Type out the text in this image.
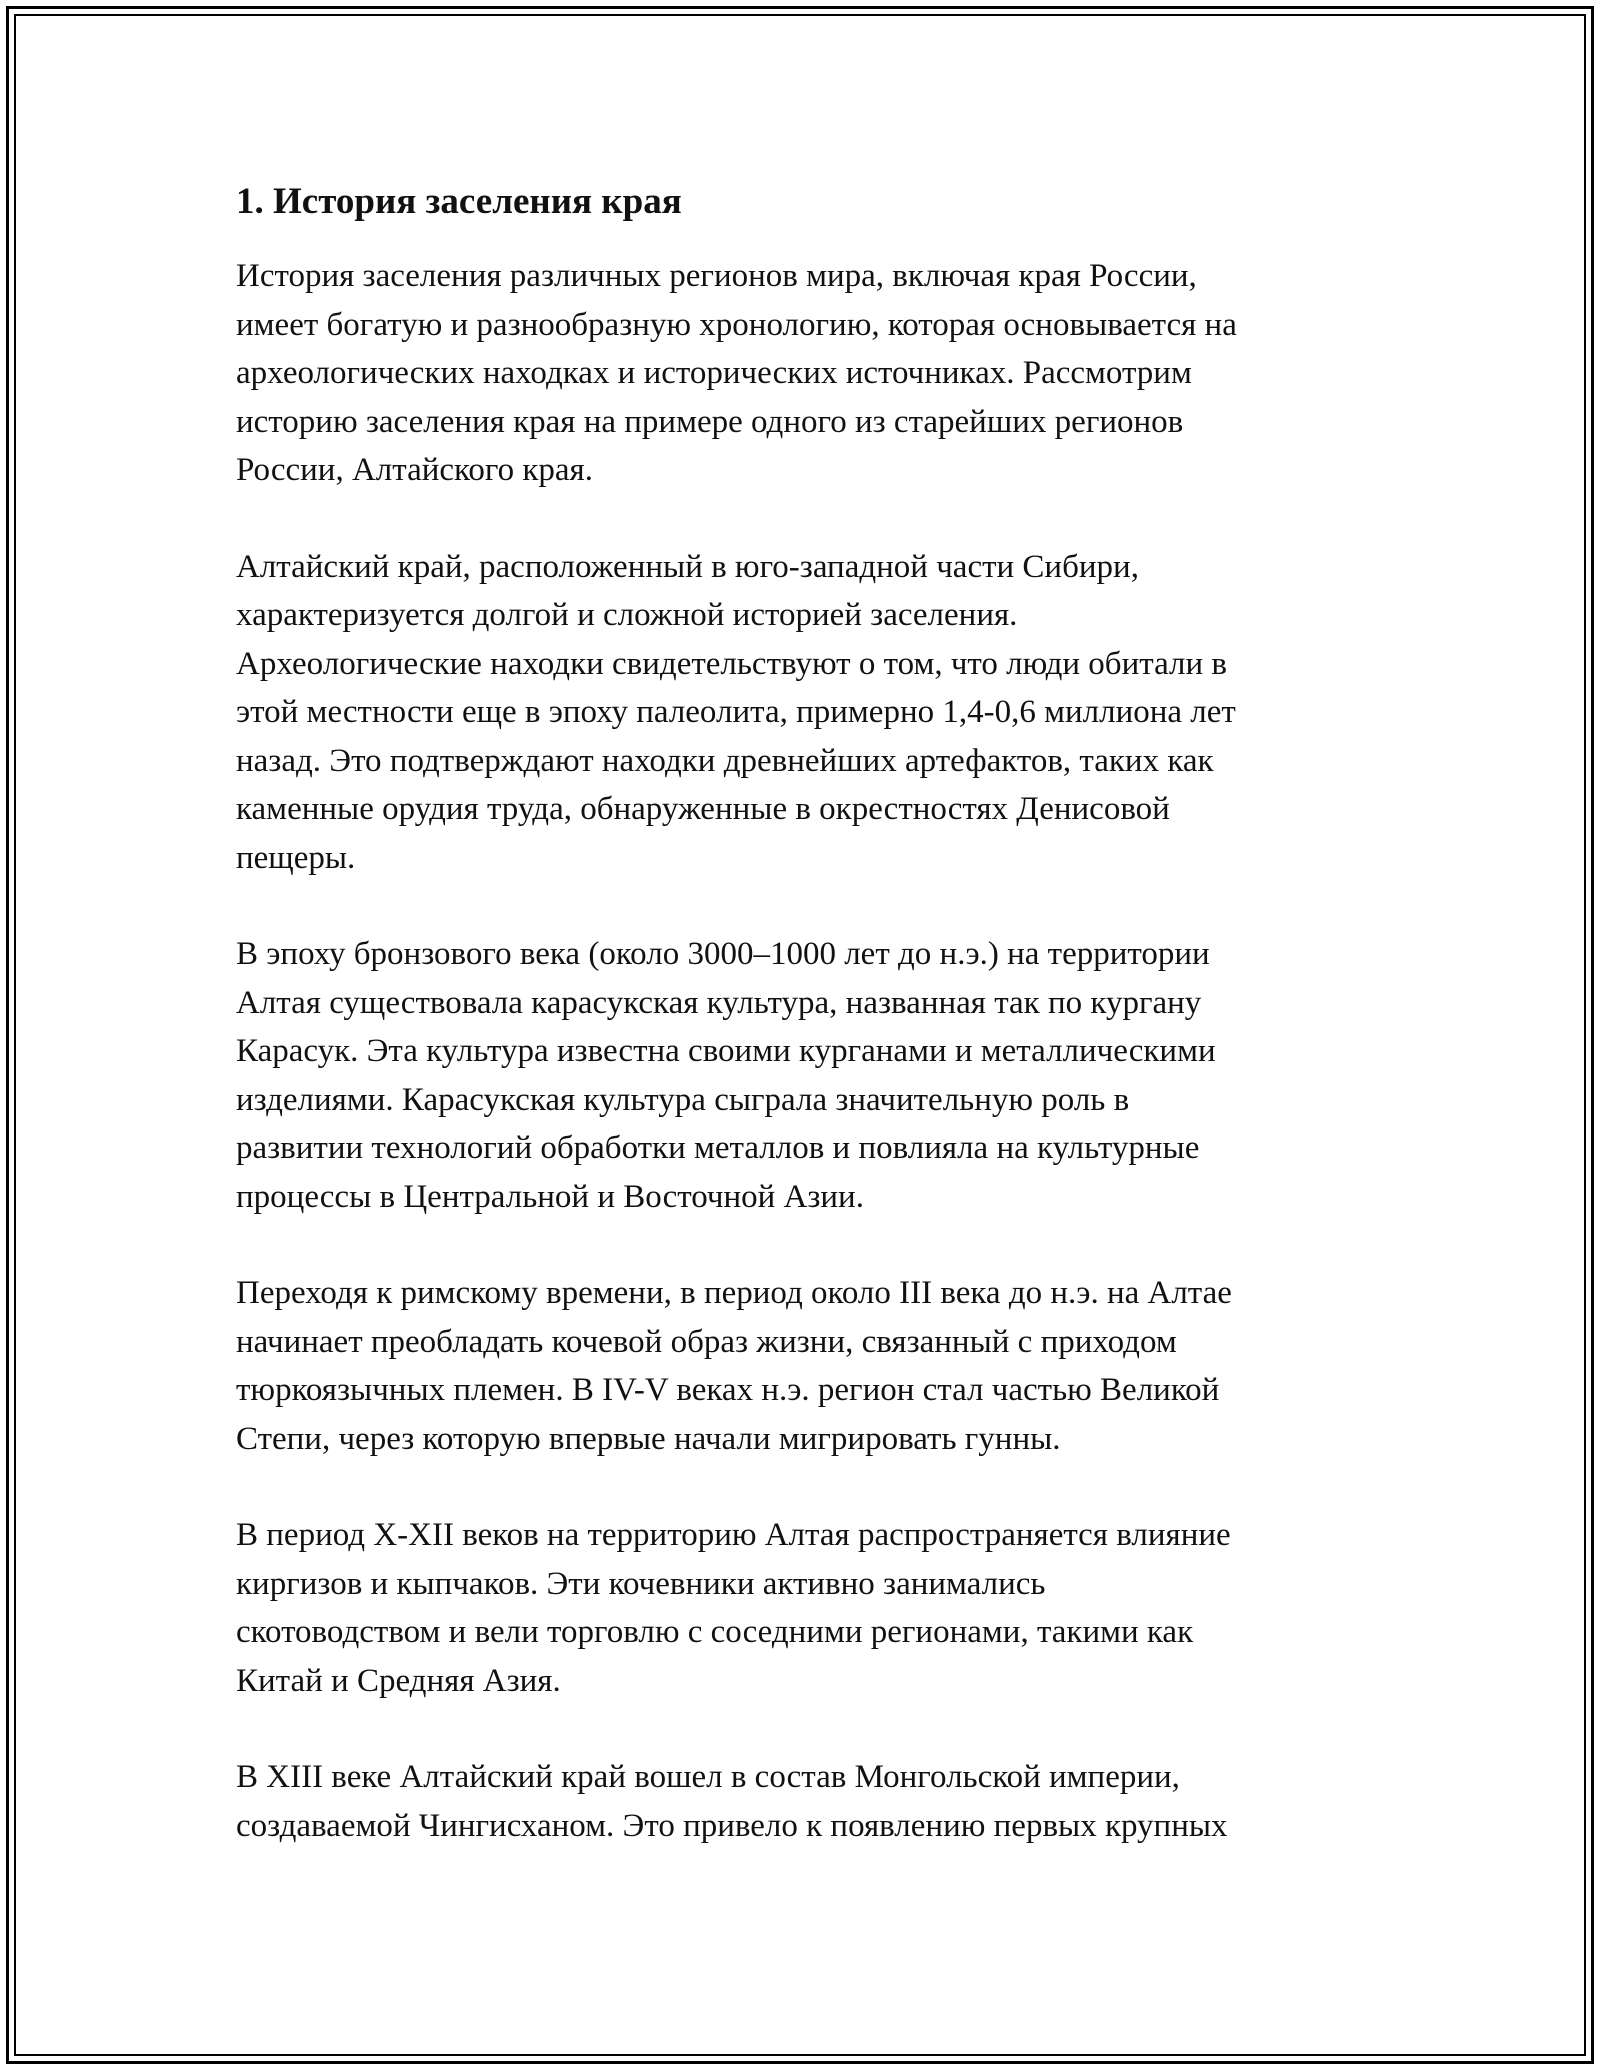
1. История заселения края

История заселения различных регионов мира, включая края России,
имеет богатую и разнообразную хронологию, которая основывается на
археологических находках и исторических источниках. Рассмотрим
историю заселения края на примере одного из старейших регионов
России, Алтайского края.

Алтайский край, расположенный в юго-западной части Сибири,
характеризуется долгой и сложной историей заселения.
Археологические находки свидетельствуют о том, что люди обитали в
этой местности еще в эпоху палеолита, примерно 1,4-0,6 миллиона лет
назад. Это подтверждают находки древнейших артефактов, таких как
каменные орудия труда, обнаруженные в окрестностях Денисовой
пещеры.

В эпоху бронзового века (около 3000–1000 лет до н.э.) на территории
Алтая существовала карасукская культура, названная так по кургану
Карасук. Эта культура известна своими курганами и металлическими
изделиями. Карасукская культура сыграла значительную роль в
развитии технологий обработки металлов и повлияла на культурные
процессы в Центральной и Восточной Азии.

Переходя к римскому времени, в период около III века до н.э. на Алтае
начинает преобладать кочевой образ жизни, связанный с приходом
тюркоязычных племен. В IV-V веках н.э. регион стал частью Великой
Степи, через которую впервые начали мигрировать гунны.

В период X-XII веков на территорию Алтая распространяется влияние
киргизов и кыпчаков. Эти кочевники активно занимались
скотоводством и вели торговлю с соседними регионами, такими как
Китай и Средняя Азия.

В XIII веке Алтайский край вошел в состав Монгольской империи,
создаваемой Чингисханом. Это привело к появлению первых крупных
